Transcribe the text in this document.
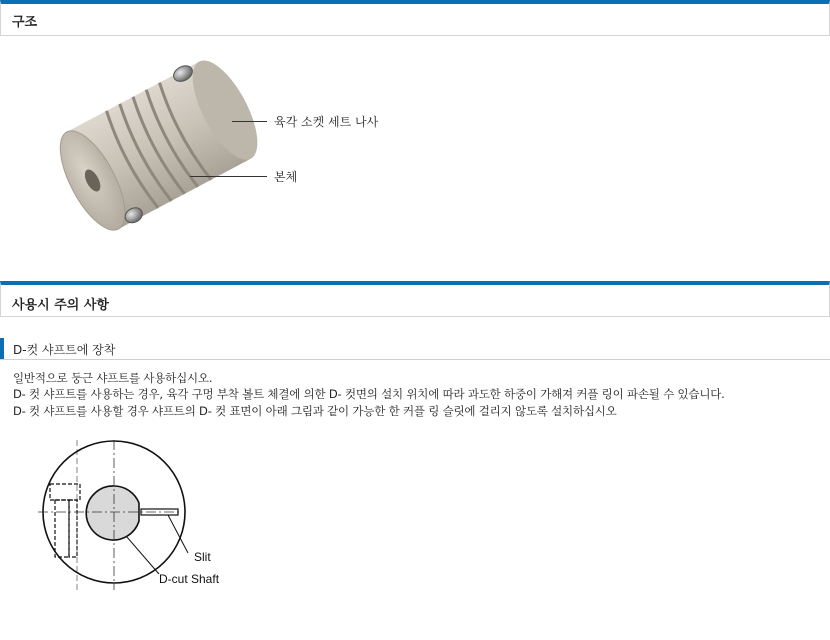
구조
육각 소켓 세트 나사
본체
사용시 주의 사항
D-컷 샤프트에 장착
일반적으로 둥근 샤프트를 사용하십시오.
D- 컷 샤프트를 사용하는 경우, 육각 구멍 부착 볼트 체결에 의한 D- 컷면의 설치 위치에 따라 과도한 하중이 가해져 커플 링이 파손될 수 있습니다.
D- 컷 샤프트를 사용할 경우 샤프트의 D- 컷 표면이 아래 그림과 같이 가능한 한 커플 링 슬릿에 걸리지 않도록 설치하십시오
Slit
D-cut Shaft
